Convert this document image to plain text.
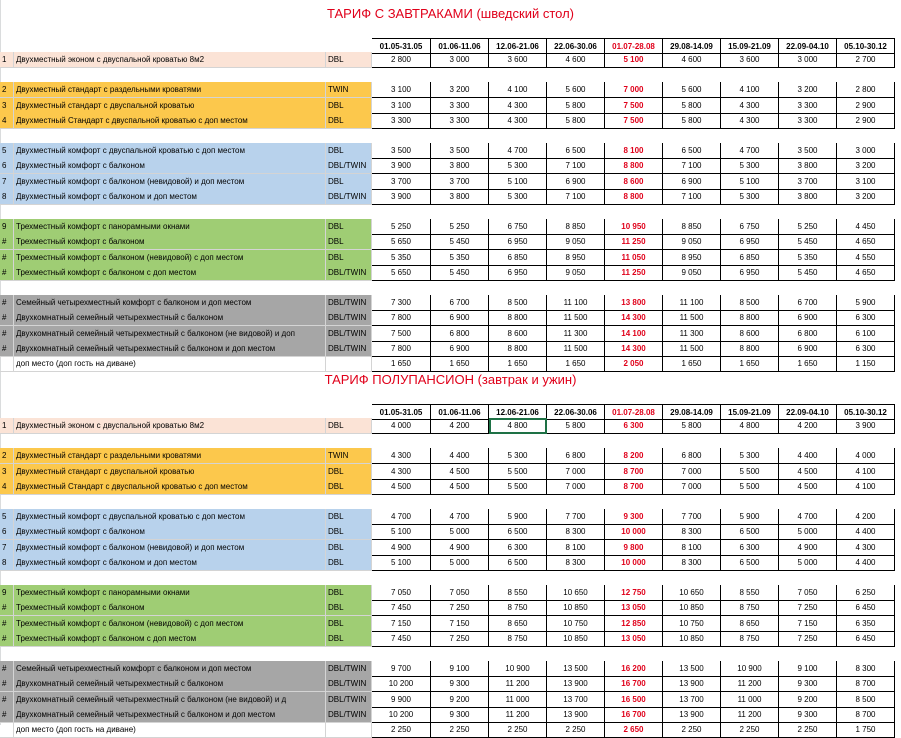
ТАРИФ С ЗАВТРАКАМИ (шведский стол)
01.05-31.05	01.06-11.06	12.06-21.06	22.06-30.06	01.07-28.08	29.08-14.09	15.09-21.09	22.09-04.10	05.10-30.12
1	Двухместный эконом с двуспальной кроватью 8м2	DBL	2 800	3 000	3 600	4 600	5 100	4 600	3 600	3 000	2 700
2	Двухместный стандарт с раздельными кроватями	TWIN	3 100	3 200	4 100	5 600	7 000	5 600	4 100	3 200	2 800
3	Двухместный стандарт с двуспальной кроватью	DBL	3 100	3 300	4 300	5 800	7 500	5 800	4 300	3 300	2 900
4	Двухместный Стандарт с двуспальной кроватью с доп местом	DBL	3 300	3 300	4 300	5 800	7 500	5 800	4 300	3 300	2 900
5	Двухместный комфорт с двуспальной кроватью с доп местом	DBL	3 500	3 500	4 700	6 500	8 100	6 500	4 700	3 500	3 000
6	Двухместный комфорт с балконом	DBL/TWIN	3 900	3 800	5 300	7 100	8 800	7 100	5 300	3 800	3 200
7	Двухместный комфорт с балконом (невидовой) и доп местом	DBL	3 700	3 700	5 100	6 900	8 600	6 900	5 100	3 700	3 100
8	Двухместный комфорт с балконом и доп местом	DBL/TWIN	3 900	3 800	5 300	7 100	8 800	7 100	5 300	3 800	3 200
9	Трехместный комфорт с панорамными окнами	DBL	5 250	5 250	6 750	8 850	10 950	8 850	6 750	5 250	4 450
#	Трехместный комфорт с балконом	DBL	5 650	5 450	6 950	9 050	11 250	9 050	6 950	5 450	4 650
#	Трехместный комфорт с балконом (невидовой) с доп местом	DBL	5 350	5 350	6 850	8 950	11 050	8 950	6 850	5 350	4 550
#	Трехместный комфорт с балконом с доп местом	DBL/TWIN	5 650	5 450	6 950	9 050	11 250	9 050	6 950	5 450	4 650
#	Семейный четырехместный комфорт с балконом и доп местом	DBL/TWIN	7 300	6 700	8 500	11 100	13 800	11 100	8 500	6 700	5 900
#	Двухкомнатный семейный четырехместный с балконом	DBL/TWIN	7 800	6 900	8 800	11 500	14 300	11 500	8 800	6 900	6 300
#	Двухкомнатный семейный четырехместный с балконом (не видовой) и доп	DBL/TWIN	7 500	6 800	8 600	11 300	14 100	11 300	8 600	6 800	6 100
#	Двухкомнатный семейный четырехместный с балконом и доп местом	DBL/TWIN	7 800	6 900	8 800	11 500	14 300	11 500	8 800	6 900	6 300
доп место (доп гость на диване)	1 650	1 650	1 650	1 650	2 050	1 650	1 650	1 650	1 150
ТАРИФ ПОЛУПАНСИОН (завтрак и ужин)
01.05-31.05	01.06-11.06	12.06-21.06	22.06-30.06	01.07-28.08	29.08-14.09	15.09-21.09	22.09-04.10	05.10-30.12
1	Двухместный эконом с двуспальной кроватью 8м2	DBL	4 000	4 200	4 800	5 800	6 300	5 800	4 800	4 200	3 900
2	Двухместный стандарт с раздельными кроватями	TWIN	4 300	4 400	5 300	6 800	8 200	6 800	5 300	4 400	4 000
3	Двухместный стандарт с двуспальной кроватью	DBL	4 300	4 500	5 500	7 000	8 700	7 000	5 500	4 500	4 100
4	Двухместный Стандарт с двуспальной кроватью с доп местом	DBL	4 500	4 500	5 500	7 000	8 700	7 000	5 500	4 500	4 100
5	Двухместный комфорт с двуспальной кроватью с доп местом	DBL	4 700	4 700	5 900	7 700	9 300	7 700	5 900	4 700	4 200
6	Двухместный комфорт с балконом	DBL	5 100	5 000	6 500	8 300	10 000	8 300	6 500	5 000	4 400
7	Двухместный комфорт с балконом (невидовой) и доп местом	DBL	4 900	4 900	6 300	8 100	9 800	8 100	6 300	4 900	4 300
8	Двухместный комфорт с балконом и доп местом	DBL	5 100	5 000	6 500	8 300	10 000	8 300	6 500	5 000	4 400
9	Трехместный комфорт с панорамными окнами	DBL	7 050	7 050	8 550	10 650	12 750	10 650	8 550	7 050	6 250
#	Трехместный комфорт с балконом	DBL	7 450	7 250	8 750	10 850	13 050	10 850	8 750	7 250	6 450
#	Трехместный комфорт с балконом (невидовой) с доп местом	DBL	7 150	7 150	8 650	10 750	12 850	10 750	8 650	7 150	6 350
#	Трехместный комфорт с балконом с доп местом	DBL	7 450	7 250	8 750	10 850	13 050	10 850	8 750	7 250	6 450
#	Семейный четырехместный комфорт с балконом и доп местом	DBL/TWIN	9 700	9 100	10 900	13 500	16 200	13 500	10 900	9 100	8 300
#	Двухкомнатный семейный четырехместный с балконом	DBL/TWIN	10 200	9 300	11 200	13 900	16 700	13 900	11 200	9 300	8 700
#	Двухкомнатный семейный четырехместный с балконом (не видовой) и д	DBL/TWIN	9 900	9 200	11 000	13 700	16 500	13 700	11 000	9 200	8 500
#	Двухкомнатный семейный четырехместный с балконом и доп местом	DBL/TWIN	10 200	9 300	11 200	13 900	16 700	13 900	11 200	9 300	8 700
доп место (доп гость на диване)	2 250	2 250	2 250	2 250	2 650	2 250	2 250	2 250	1 750
